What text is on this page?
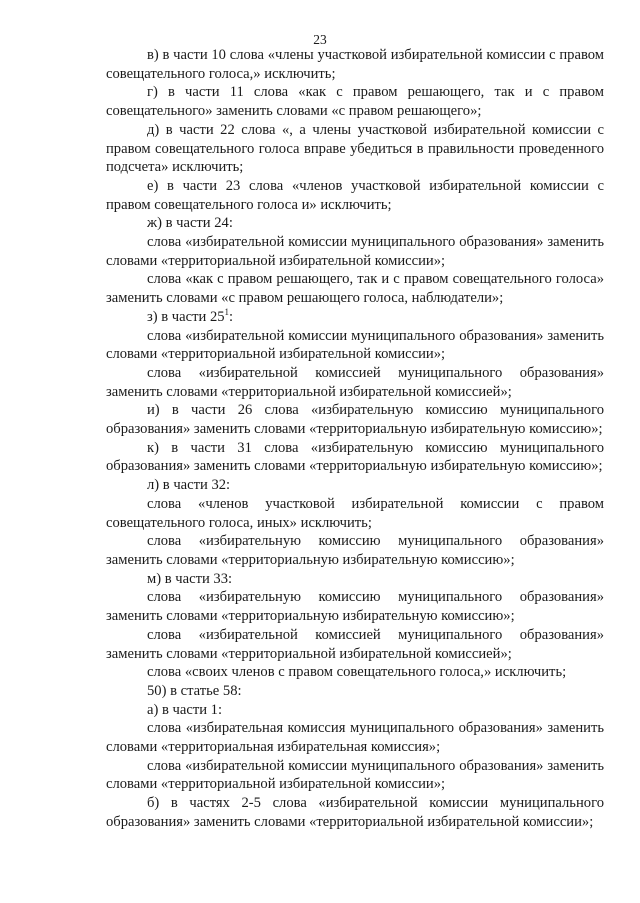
23

в) в части 10 слова «члены участковой избирательной комиссии с правом совещательного голоса,» исключить;

г) в части 11 слова «как с правом решающего, так и с правом совещательного» заменить словами «с правом решающего»;

д) в части 22 слова «, а члены участковой избирательной комиссии с правом совещательного голоса вправе убедиться в правильности проведенного подсчета» исключить;

е) в части 23 слова «членов участковой избирательной комиссии с правом совещательного голоса и» исключить;

ж) в части 24:

слова «избирательной комиссии муниципального образования» заменить словами «территориальной избирательной комиссии»;

слова «как с правом решающего, так и с правом совещательного голоса» заменить словами «с правом решающего голоса, наблюдатели»;

з) в части $25^1$:

слова «избирательной комиссии муниципального образования» заменить словами «территориальной избирательной комиссии»;

слова «избирательной комиссией муниципального образования» заменить словами «территориальной избирательной комиссией»;

и) в части 26 слова «избирательную комиссию муниципального образования» заменить словами «территориальную избирательную комиссию»;

к) в части 31 слова «избирательную комиссию муниципального образования» заменить словами «территориальную избирательную комиссию»;

л) в части 32:

слова «членов участковой избирательной комиссии с правом совещательного голоса, иных» исключить;

слова «избирательную комиссию муниципального образования» заменить словами «территориальную избирательную комиссию»;

м) в части 33:

слова «избирательную комиссию муниципального образования» заменить словами «территориальную избирательную комиссию»;

слова «избирательной комиссией муниципального образования» заменить словами «территориальной избирательной комиссией»;

слова «своих членов с правом совещательного голоса,» исключить;

50) в статье 58:

а) в части 1:

слова «избирательная комиссия муниципального образования» заменить словами «территориальная избирательная комиссия»;

слова «избирательной комиссии муниципального образования» заменить словами «территориальной избирательной комиссии»;

б) в частях 2-5 слова «избирательной комиссии муниципального образования» заменить словами «территориальной избирательной комиссии»;
